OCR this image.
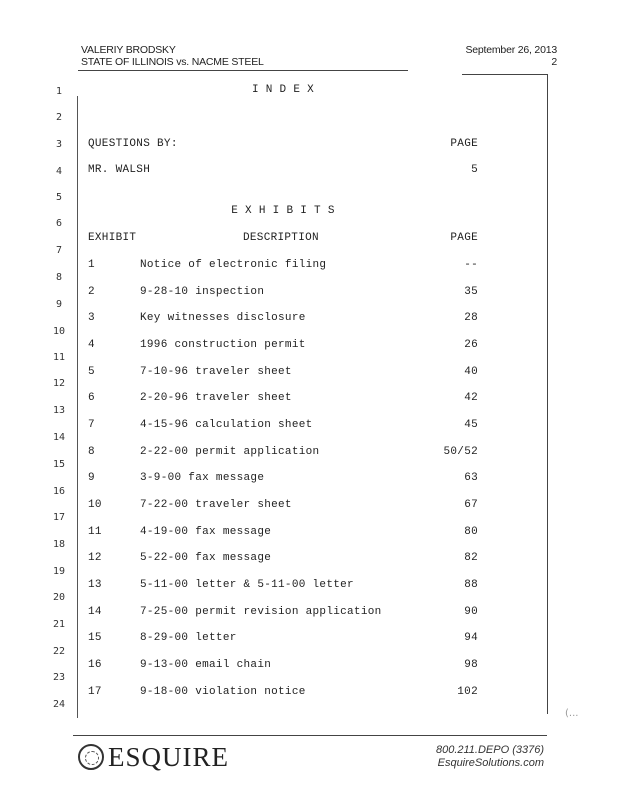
VALERIY BRODSKY
STATE OF ILLINOIS vs. NACME STEEL
September 26, 2013
2
1
2
3
4
5
6
7
8
9
10
11
12
13
14
15
16
17
18
19
20
21
22
23
24
I N D E X
QUESTIONS BY:	PAGE
MR. WALSH	5
E X H I B I T S
EXHIBIT	DESCRIPTION	PAGE
1	Notice of electronic filing	--
2	9-28-10 inspection	35
3	Key witnesses disclosure	28
4	1996 construction permit	26
5	7-10-96 traveler sheet	40
6	2-20-96 traveler sheet	42
7	4-15-96 calculation sheet	45
8	2-22-00 permit application	50/52
9	3-9-00 fax message	63
10	7-22-00 traveler sheet	67
11	4-19-00 fax message	80
12	5-22-00 fax message	82
13	5-11-00 letter & 5-11-00 letter	88
14	7-25-00 permit revision application	90
15	8-29-00 letter	94
16	9-13-00 email chain	98
17	9-18-00 violation notice	102
(...
ESQUIRE	800.211.DEPO (3376)
EsquireSolutions.com
